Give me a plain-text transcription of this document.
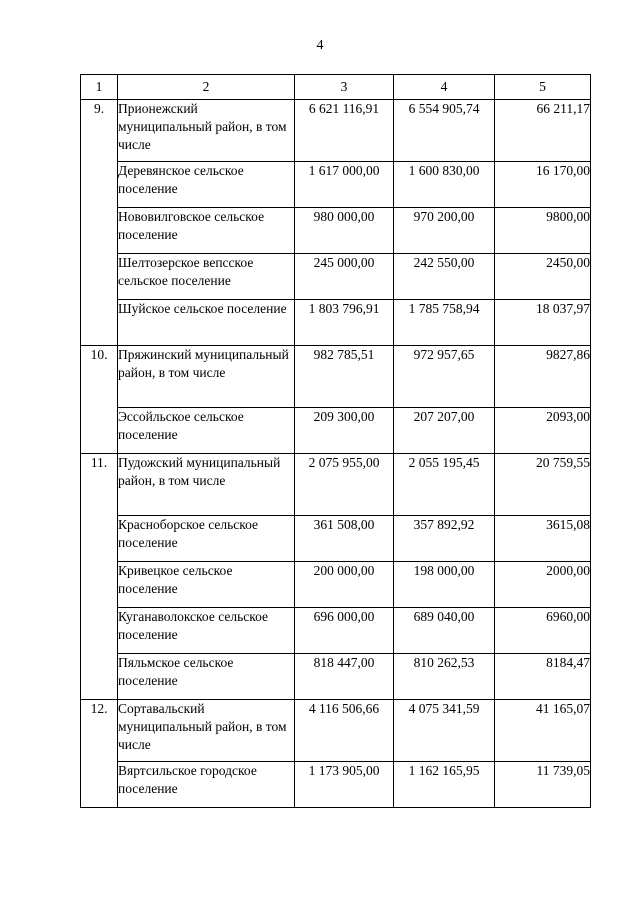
4
1	2	3	4	5
9.	Прионежский муниципальный район, в том числе	6 621 116,91	6 554 905,74	66 211,17
	Деревянское сельское поселение	1 617 000,00	1 600 830,00	16 170,00
	Нововилговское сельское поселение	980 000,00	970 200,00	9800,00
	Шелтозерское вепсское сельское поселение	245 000,00	242 550,00	2450,00
	Шуйское сельское поселение	1 803 796,91	1 785 758,94	18 037,97
10.	Пряжинский муниципальный район, в том числе	982 785,51	972 957,65	9827,86
	Эссойльское сельское поселение	209 300,00	207 207,00	2093,00
11.	Пудожский муниципальный район, в том числе	2 075 955,00	2 055 195,45	20 759,55
	Красноборское сельское поселение	361 508,00	357 892,92	3615,08
	Кривецкое сельское поселение	200 000,00	198 000,00	2000,00
	Куганаволокское сельское поселение	696 000,00	689 040,00	6960,00
	Пяльмское сельское поселение	818 447,00	810 262,53	8184,47
12.	Сортавальский муниципальный район, в том числе	4 116 506,66	4 075 341,59	41 165,07
	Вяртсильское городское поселение	1 173 905,00	1 162 165,95	11 739,05
